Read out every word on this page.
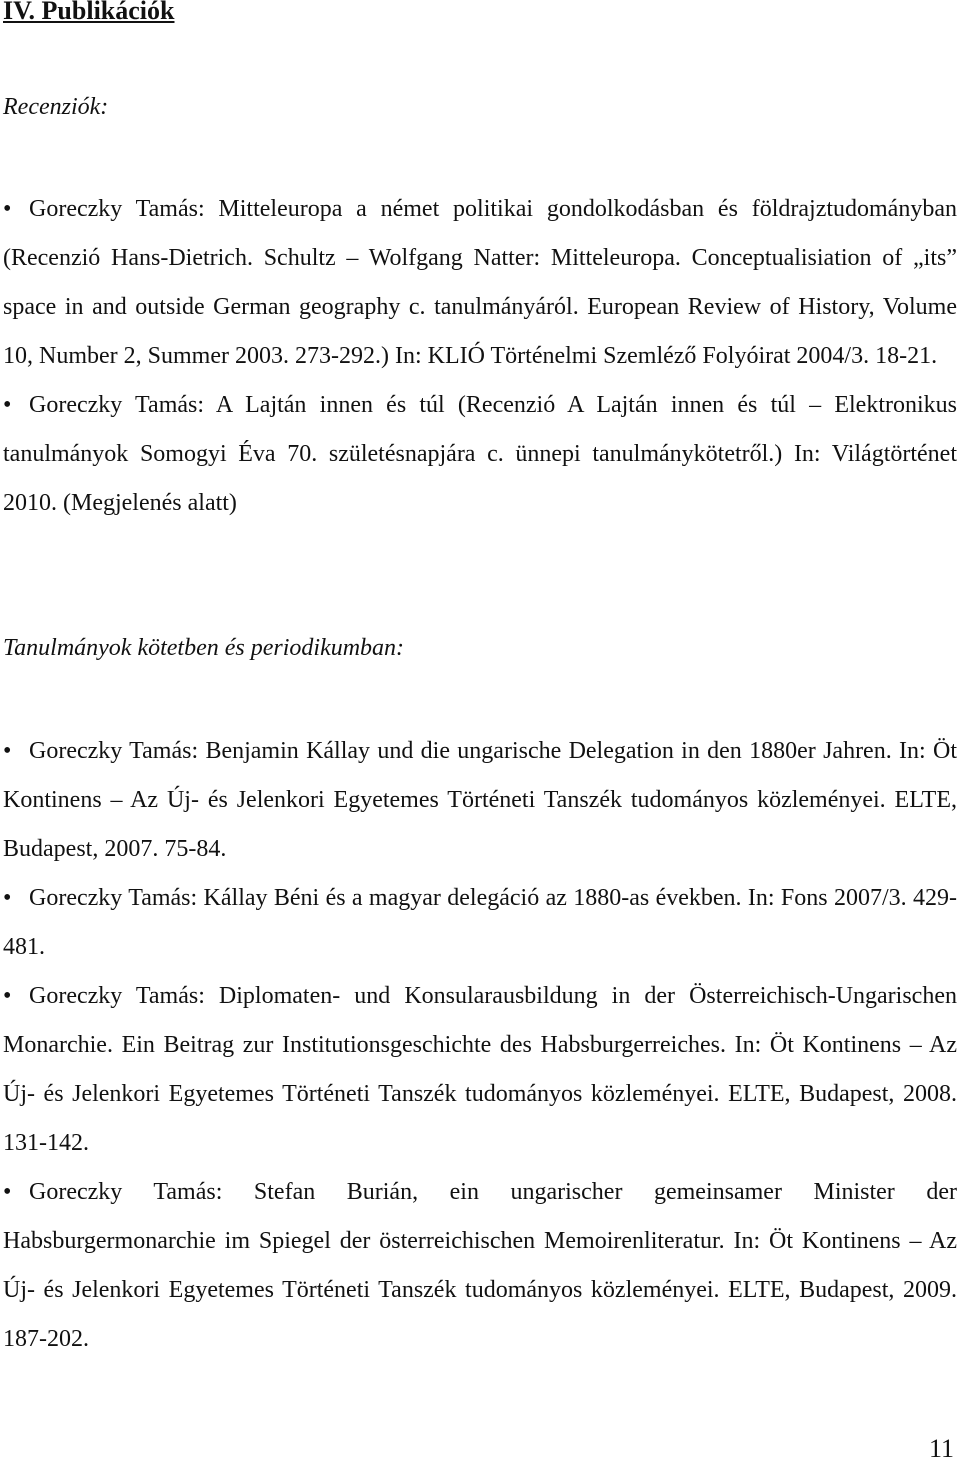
IV. Publikációk

Recenziók:

• Goreczky Tamás: Mitteleuropa a német politikai gondolkodásban és földrajztudományban (Recenzió Hans-Dietrich. Schultz – Wolfgang Natter: Mitteleuropa. Conceptualisiation of „its” space in and outside German geography c. tanulmányáról. European Review of History, Volume 10, Number 2, Summer 2003. 273-292.) In: KLIÓ Történelmi Szemléző Folyóirat 2004/3. 18-21.
• Goreczky Tamás: A Lajtán innen és túl (Recenzió A Lajtán innen és túl – Elektronikus tanulmányok Somogyi Éva 70. születésnapjára c. ünnepi tanulmánykötetről.) In: Világtörténet 2010. (Megjelenés alatt)

Tanulmányok kötetben és periodikumban:

• Goreczky Tamás: Benjamin Kállay und die ungarische Delegation in den 1880er Jahren. In: Öt Kontinens – Az Új- és Jelenkori Egyetemes Történeti Tanszék tudományos közleményei. ELTE, Budapest, 2007. 75-84.
• Goreczky Tamás: Kállay Béni és a magyar delegáció az 1880-as években. In: Fons 2007/3. 429-481.
• Goreczky Tamás: Diplomaten- und Konsularausbildung in der Österreichisch-Ungarischen Monarchie. Ein Beitrag zur Institutionsgeschichte des Habsburgerreiches. In: Öt Kontinens – Az Új- és Jelenkori Egyetemes Történeti Tanszék tudományos közleményei. ELTE, Budapest, 2008. 131-142.
• Goreczky Tamás: Stefan Burián, ein ungarischer gemeinsamer Minister der Habsburgermonarchie im Spiegel der österreichischen Memoirenliteratur. In: Öt Kontinens – Az Új- és Jelenkori Egyetemes Történeti Tanszék tudományos közleményei. ELTE, Budapest, 2009. 187-202.
11
